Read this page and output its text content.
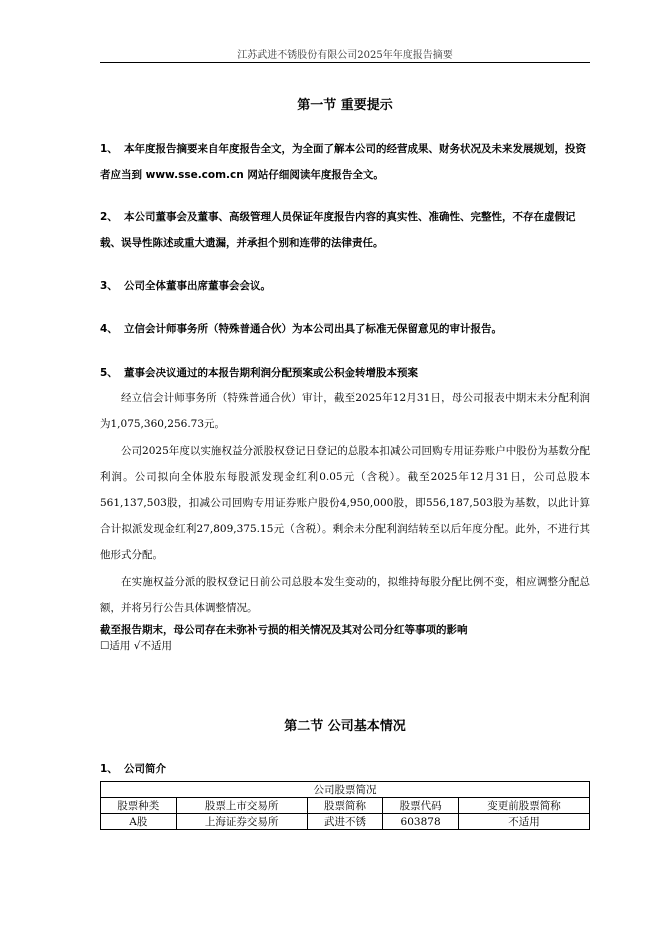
江苏武进不锈股份有限公司2025年年度报告摘要
第一节 重要提示
1、 本年度报告摘要来自年度报告全文，为全面了解本公司的经营成果、财务状况及未来发展规划，投资者应当到 www.sse.com.cn 网站仔细阅读年度报告全文。
2、 本公司董事会及董事、高级管理人员保证年度报告内容的真实性、准确性、完整性，不存在虚假记载、误导性陈述或重大遗漏，并承担个别和连带的法律责任。
3、 公司全体董事出席董事会会议。
4、 立信会计师事务所（特殊普通合伙）为本公司出具了标准无保留意见的审计报告。
5、 董事会决议通过的本报告期利润分配预案或公积金转增股本预案
经立信会计师事务所（特殊普通合伙）审计，截至2025年12月31日，母公司报表中期末未分配利润为1,075,360,256.73元。
公司2025年度以实施权益分派股权登记日登记的总股本扣减公司回购专用证券账户中股份为基数分配利润。公司拟向全体股东每股派发现金红利0.05元（含税）。截至2025年12月31日，公司总股本561,137,503股，扣减公司回购专用证券账户股份4,950,000股，即556,187,503股为基数，以此计算合计拟派发现金红利27,809,375.15元（含税）。剩余未分配利润结转至以后年度分配。此外，不进行其他形式分配。
在实施权益分派的股权登记日前公司总股本发生变动的，拟维持每股分配比例不变，相应调整分配总额，并将另行公告具体调整情况。
截至报告期末，母公司存在未弥补亏损的相关情况及其对公司分红等事项的影响
☐适用 √不适用
第二节 公司基本情况
1、 公司简介
公司股票简况				
股票种类	股票上市交易所	股票简称	股票代码	变更前股票简称
A股	上海证券交易所	武进不锈	603878	不适用
